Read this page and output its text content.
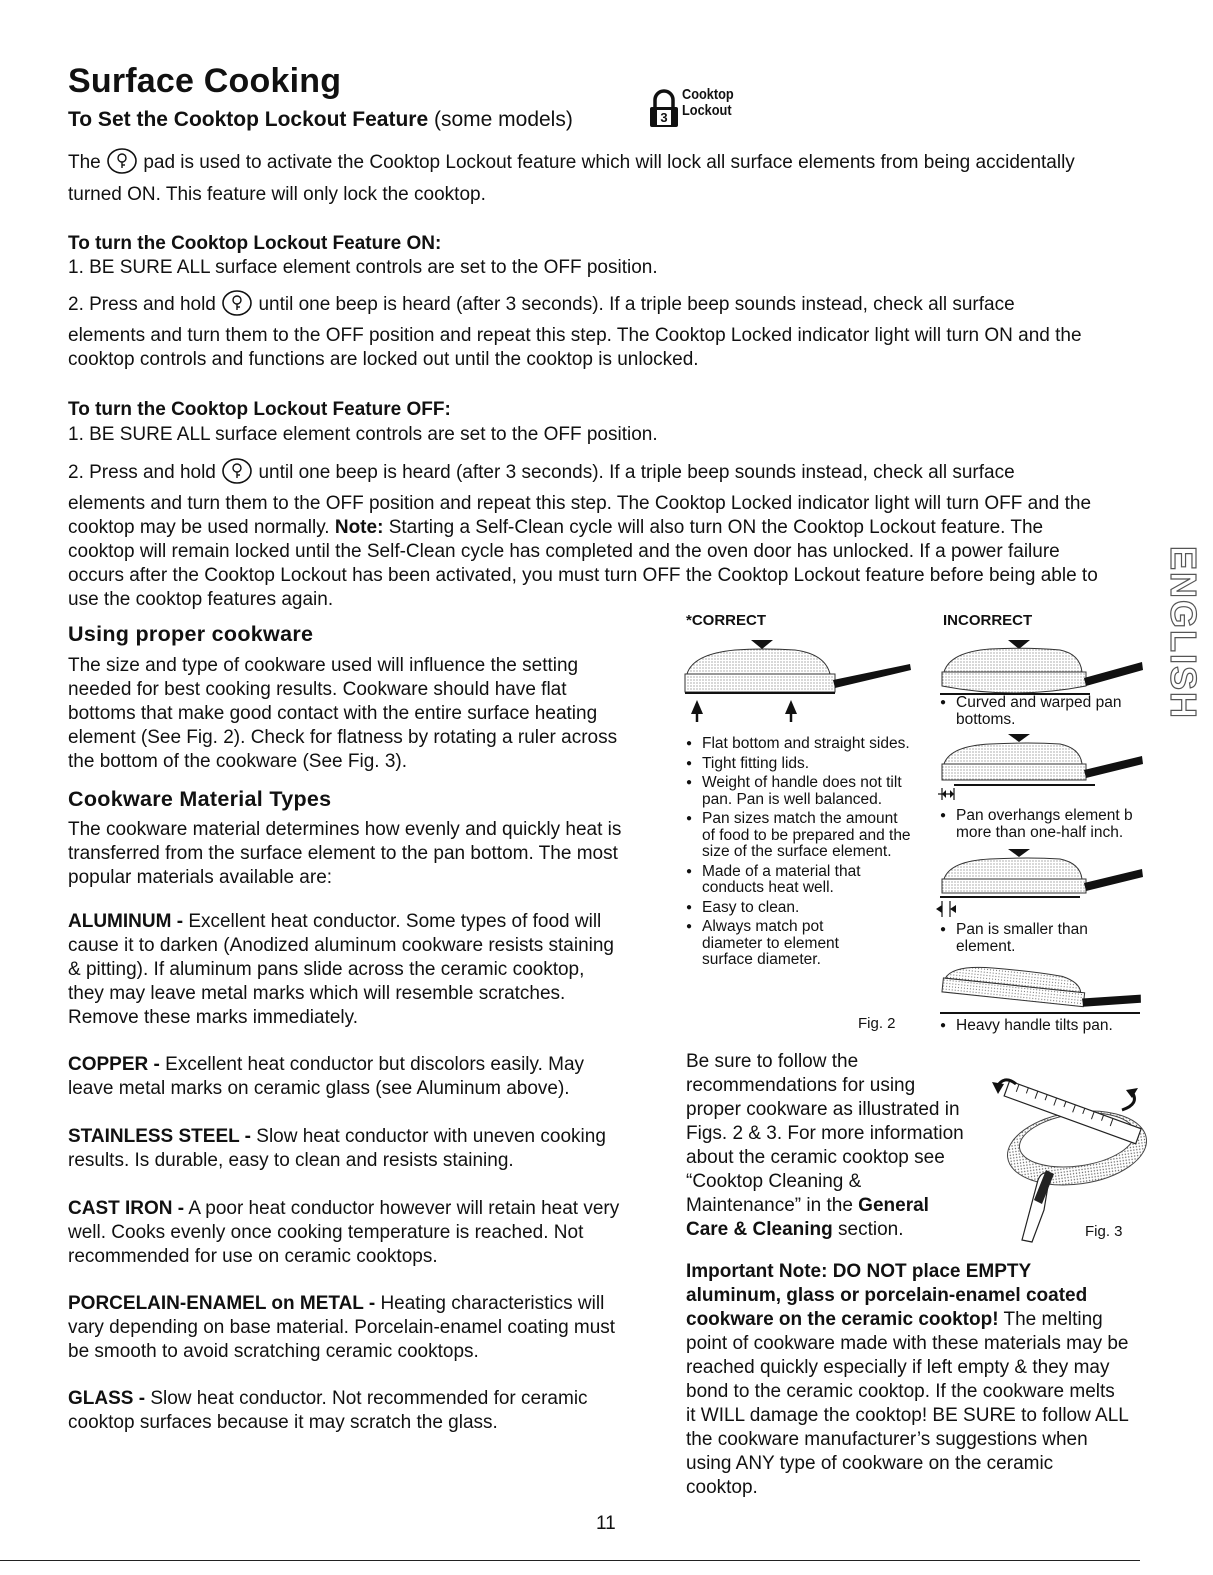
Surface Cooking
To Set the Cooktop Lockout Feature (some models)	3
Cooktop
Lockout
The pad is used to activate the Cooktop Lockout feature which will lock all surface elements from being accidentally
turned ON. This feature will only lock the cooktop.
To turn the Cooktop Lockout Feature ON:
1. BE SURE ALL surface element controls are set to the OFF position.
2. Press and hold until one beep is heard (after 3 seconds). If a triple beep sounds instead, check all surface
elements and turn them to the OFF position and repeat this step. The Cooktop Locked indicator light will turn ON and the
cooktop controls and functions are locked out until the cooktop is unlocked.
To turn the Cooktop Lockout Feature OFF:
1. BE SURE ALL surface element controls are set to the OFF position.
2. Press and hold until one beep is heard (after 3 seconds). If a triple beep sounds instead, check all surface
elements and turn them to the OFF position and repeat this step. The Cooktop Locked indicator light will turn OFF and the
cooktop may be used normally. Note: Starting a Self-Clean cycle will also turn ON the Cooktop Lockout feature. The
cooktop will remain locked until the Self-Clean cycle has completed and the oven door has unlocked. If a power failure
occurs after the Cooktop Lockout has been activated, you must turn OFF the Cooktop Lockout feature before being able to
use the cooktop features again.	ENGLISH
Using proper cookware
The size and type of cookware used will influence the setting
needed for best cooking results. Cookware should have flat
bottoms that make good contact with the entire surface heating
element (See Fig. 2). Check for flatness by rotating a ruler across
the bottom of the cookware (See Fig. 3).
Cookware Material Types
The cookware material determines how evenly and quickly heat is
transferred from the surface element to the pan bottom. The most
popular materials available are:
ALUMINUM - Excellent heat conductor. Some types of food will
cause it to darken (Anodized aluminum cookware resists staining
& pitting). If aluminum pans slide across the ceramic cooktop,
they may leave metal marks which will resemble scratches.
Remove these marks immediately.
COPPER - Excellent heat conductor but discolors easily. May
leave metal marks on ceramic glass (see Aluminum above).
STAINLESS STEEL - Slow heat conductor with uneven cooking
results. Is durable, easy to clean and resists staining.
CAST IRON - A poor heat conductor however will retain heat very
well. Cooks evenly once cooking temperature is reached. Not
recommended for use on ceramic cooktops.
PORCELAIN-ENAMEL on METAL - Heating characteristics will
vary depending on base material. Porcelain-enamel coating must
be smooth to avoid scratching ceramic cooktops.
GLASS - Slow heat conductor. Not recommended for ceramic
cooktop surfaces because it may scratch the glass.
*CORRECT	INCORRECT
● Flat bottom and straight sides.
● Tight fitting lids.
● Weight of handle does not tilt pan. Pan is well balanced.
● Pan sizes match the amount of food to be prepared and the size of the surface element.
● Made of a material that conducts heat well.
● Easy to clean.
● Always match pot diameter to element surface diameter.
Fig. 2
● Curved and warped pan bottoms.
● Pan overhangs element b more than one-half inch.
● Pan is smaller than element.
● Heavy handle tilts pan.
Be sure to follow the
recommendations for using
proper cookware as illustrated in
Figs. 2 & 3. For more information
about the ceramic cooktop see
“Cooktop Cleaning &
Maintenance” in the General
Care & Cleaning section.	Fig. 3
Important Note: DO NOT place EMPTY
aluminum, glass or porcelain-enamel coated
cookware on the ceramic cooktop! The melting
point of cookware made with these materials may be
reached quickly especially if left empty & they may
bond to the ceramic cooktop. If the cookware melts
it WILL damage the cooktop! BE SURE to follow ALL
the cookware manufacturer’s suggestions when
using ANY type of cookware on the ceramic
cooktop.
11
